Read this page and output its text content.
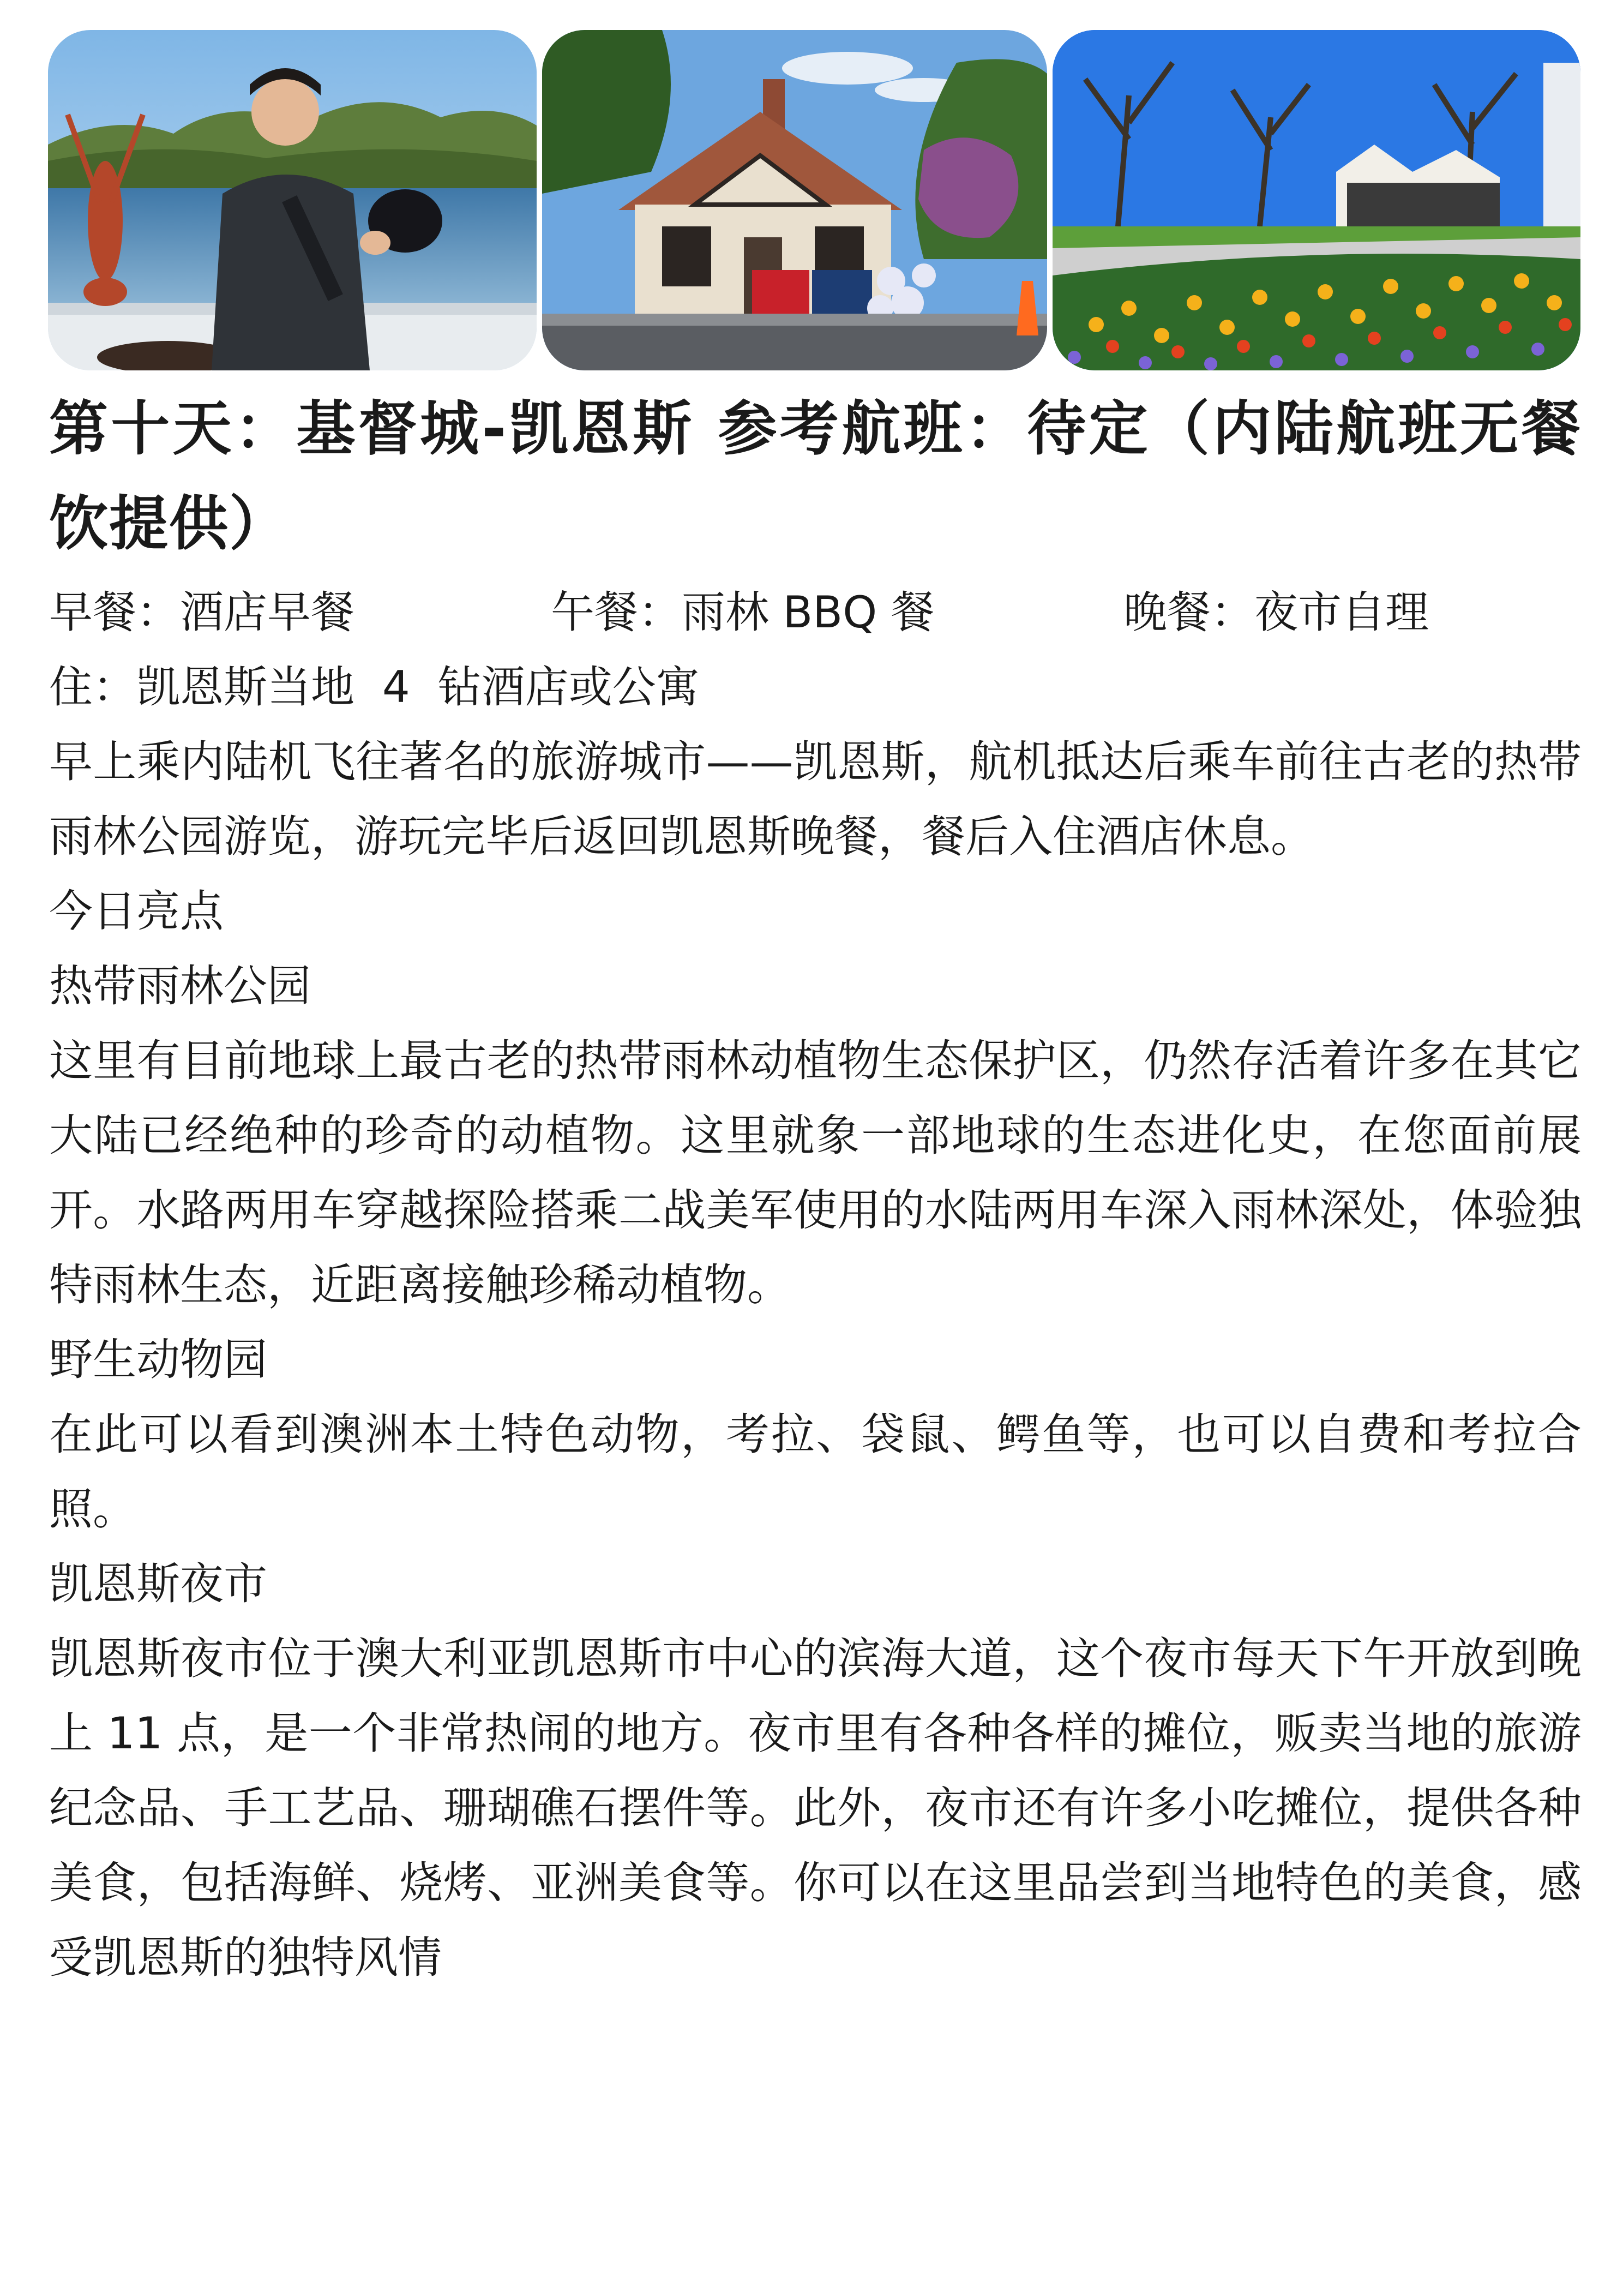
第十天：基督城-凯恩斯 参考航班：待定（内陆航班无餐饮提供）
早餐：酒店早餐	午餐：雨林 BBQ 餐	晚餐：夜市自理

住：凯恩斯当地  4  钻酒店或公寓

早上乘内陆机飞往著名的旅游城市——凯恩斯，航机抵达后乘车前往古老的热带雨林公园游览，游玩完毕后返回凯恩斯晚餐，餐后入住酒店休息。

今日亮点

热带雨林公园

这里有目前地球上最古老的热带雨林动植物生态保护区，仍然存活着许多在其它大陆已经绝种的珍奇的动植物。这里就象一部地球的生态进化史，在您面前展开。水路两用车穿越探险搭乘二战美军使用的水陆两用车深入雨林深处，体验独特雨林生态，近距离接触珍稀动植物。

野生动物园

在此可以看到澳洲本土特色动物，考拉、袋鼠、鳄鱼等，也可以自费和考拉合照。

凯恩斯夜市

凯恩斯夜市位于澳大利亚凯恩斯市中心的滨海大道，这个夜市每天下午开放到晚上 11 点，是一个非常热闹的地方。夜市里有各种各样的摊位，贩卖当地的旅游纪念品、手工艺品、珊瑚礁石摆件等。此外，夜市还有许多小吃摊位，提供各种美食，包括海鲜、烧烤、亚洲美食等。你可以在这里品尝到当地特色的美食，感受凯恩斯的独特风情
